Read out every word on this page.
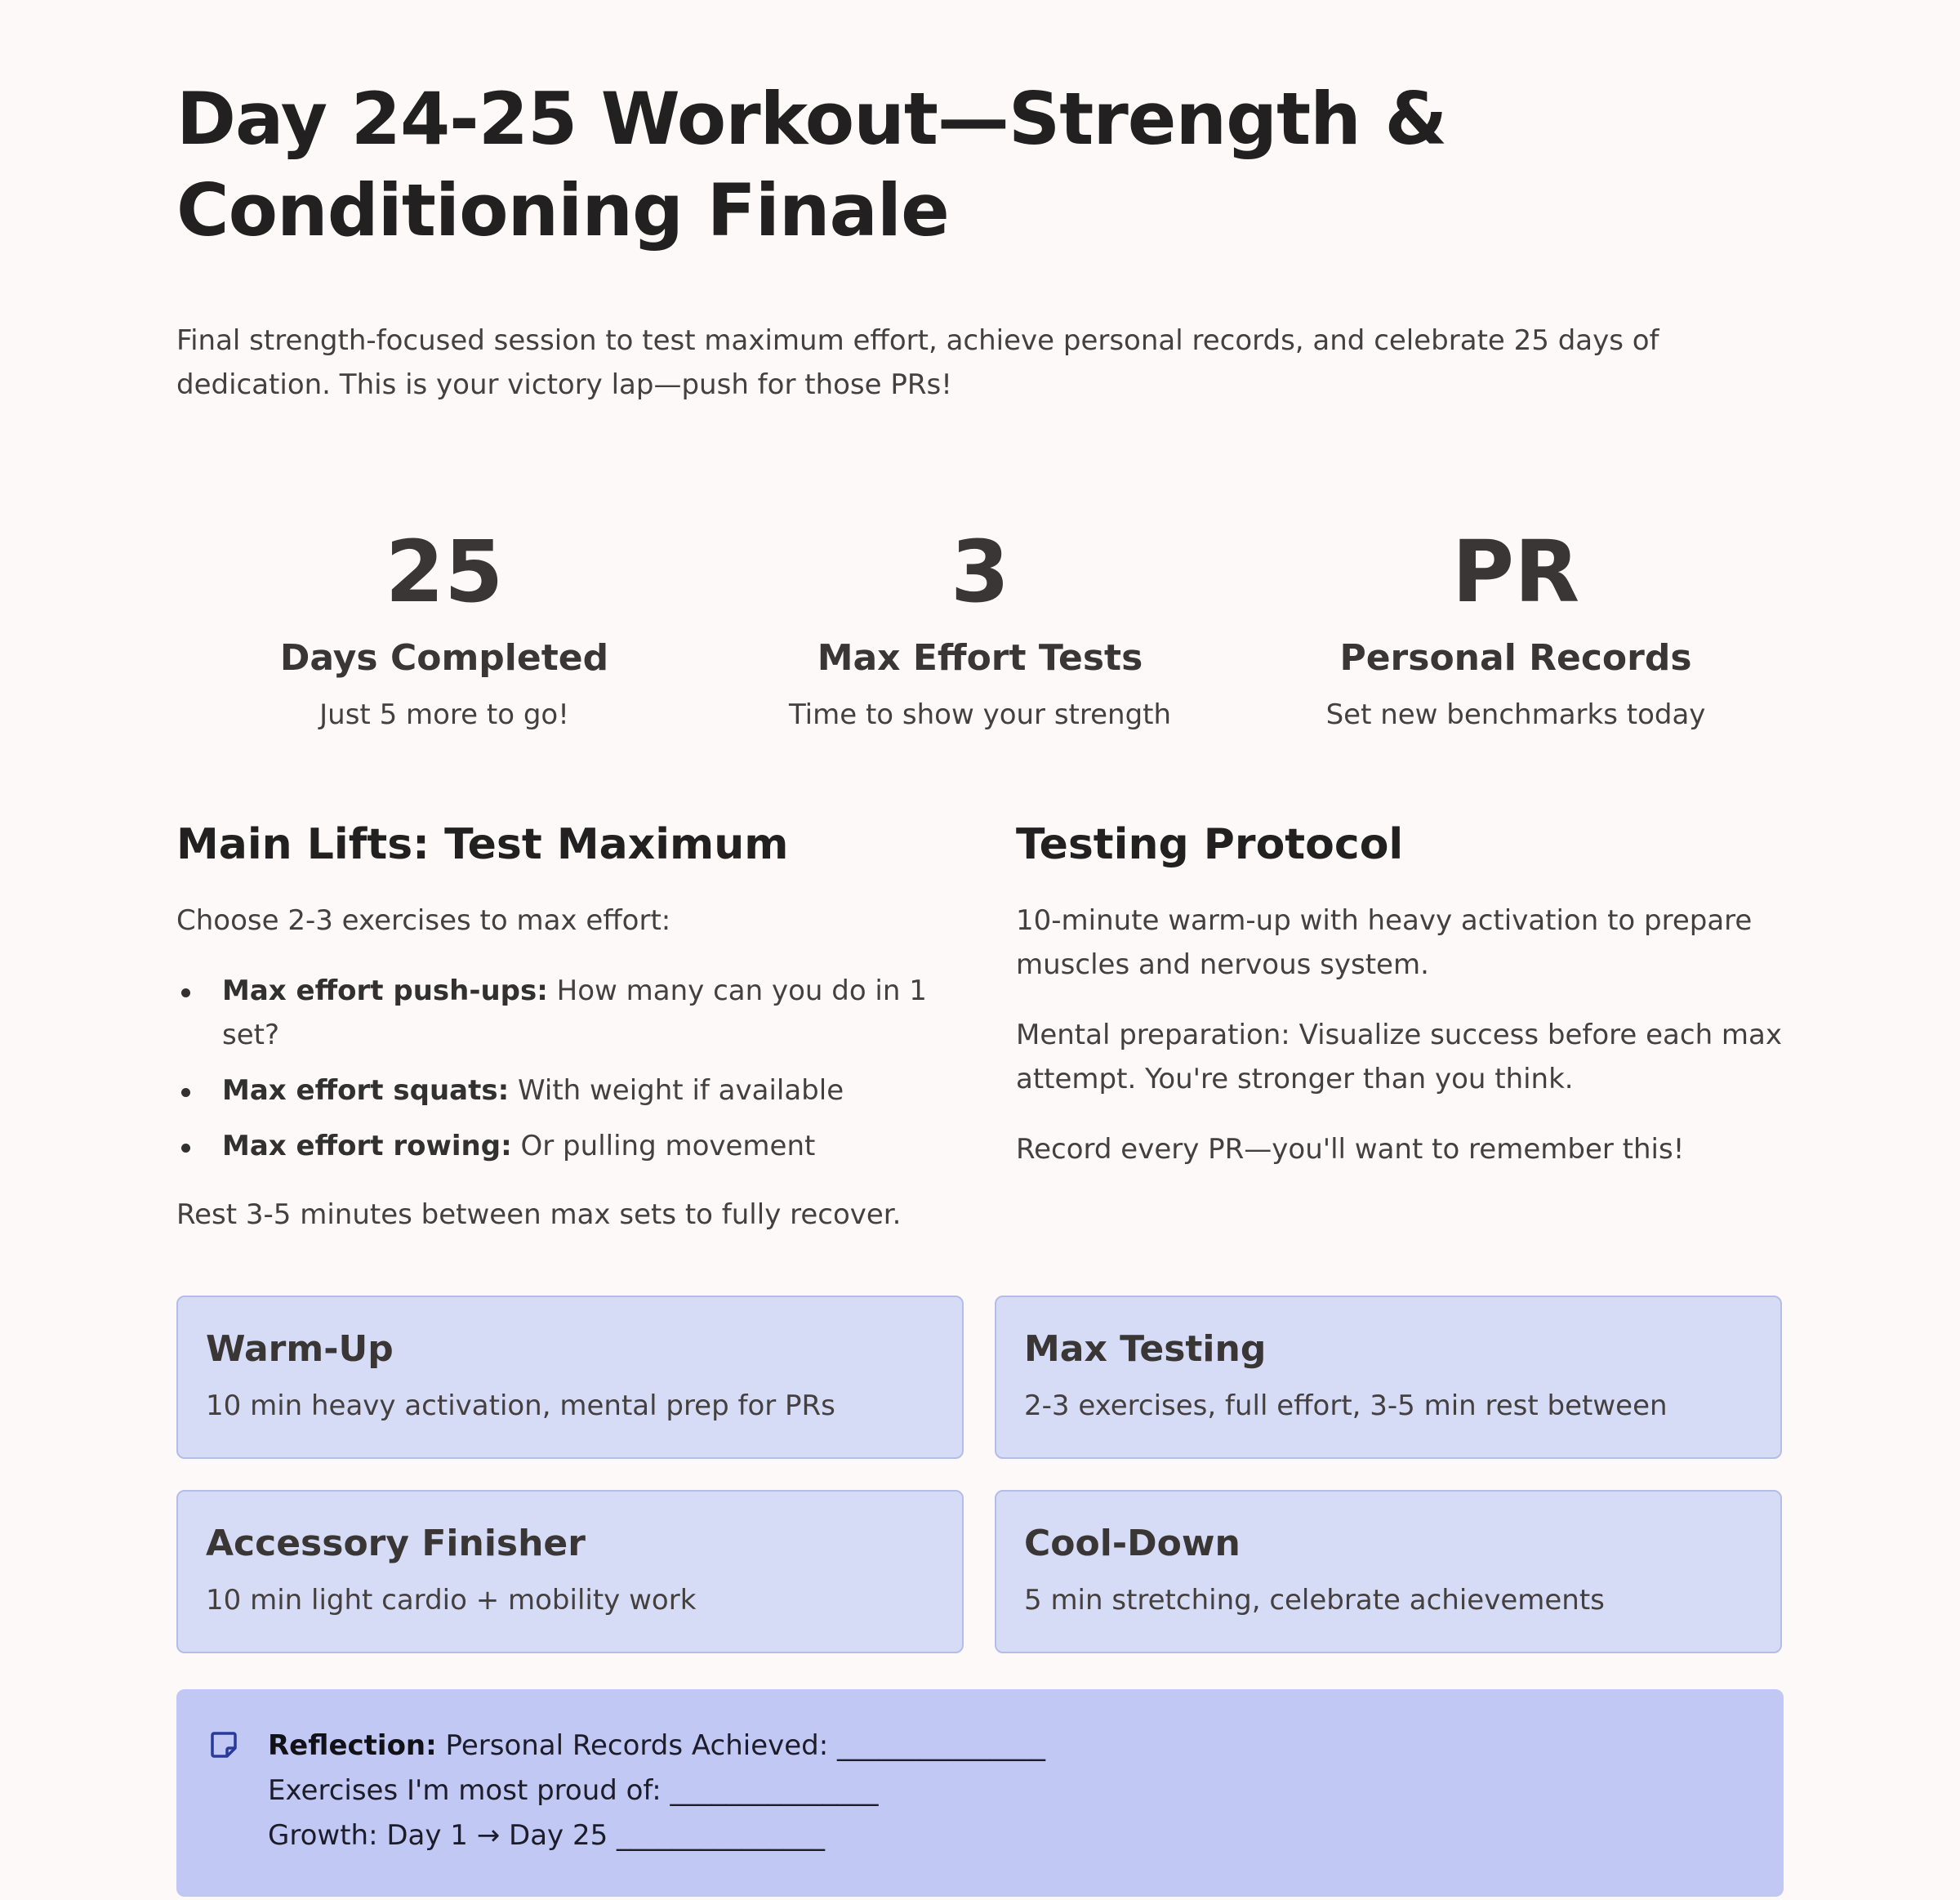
Day 24-25 Workout—Strength & Conditioning Finale

Final strength-focused session to test maximum effort, achieve personal records, and celebrate 25 days of dedication. This is your victory lap—push for those PRs!

25
Days Completed
Just 5 more to go!
3
Max Effort Tests
Time to show your strength
PR
Personal Records
Set new benchmarks today
Main Lifts: Test Maximum

Choose 2-3 exercises to max effort:

Max effort push-ups: How many can you do in 1 set?
Max effort squats: With weight if available
Max effort rowing: Or pulling movement

Rest 3-5 minutes between max sets to fully recover.

Testing Protocol

10-minute warm-up with heavy activation to prepare muscles and nervous system.

Mental preparation: Visualize success before each max attempt. You're stronger than you think.

Record every PR—you'll want to remember this!

Warm-Up
10 min heavy activation, mental prep for PRs
Max Testing
2-3 exercises, full effort, 3-5 min rest between
Accessory Finisher
10 min light cardio + mobility work
Cool-Down
5 min stretching, celebrate achievements
Reflection: Personal Records Achieved: _______________
Exercises I'm most proud of: _______________
Growth: Day 1 → Day 25 _______________
